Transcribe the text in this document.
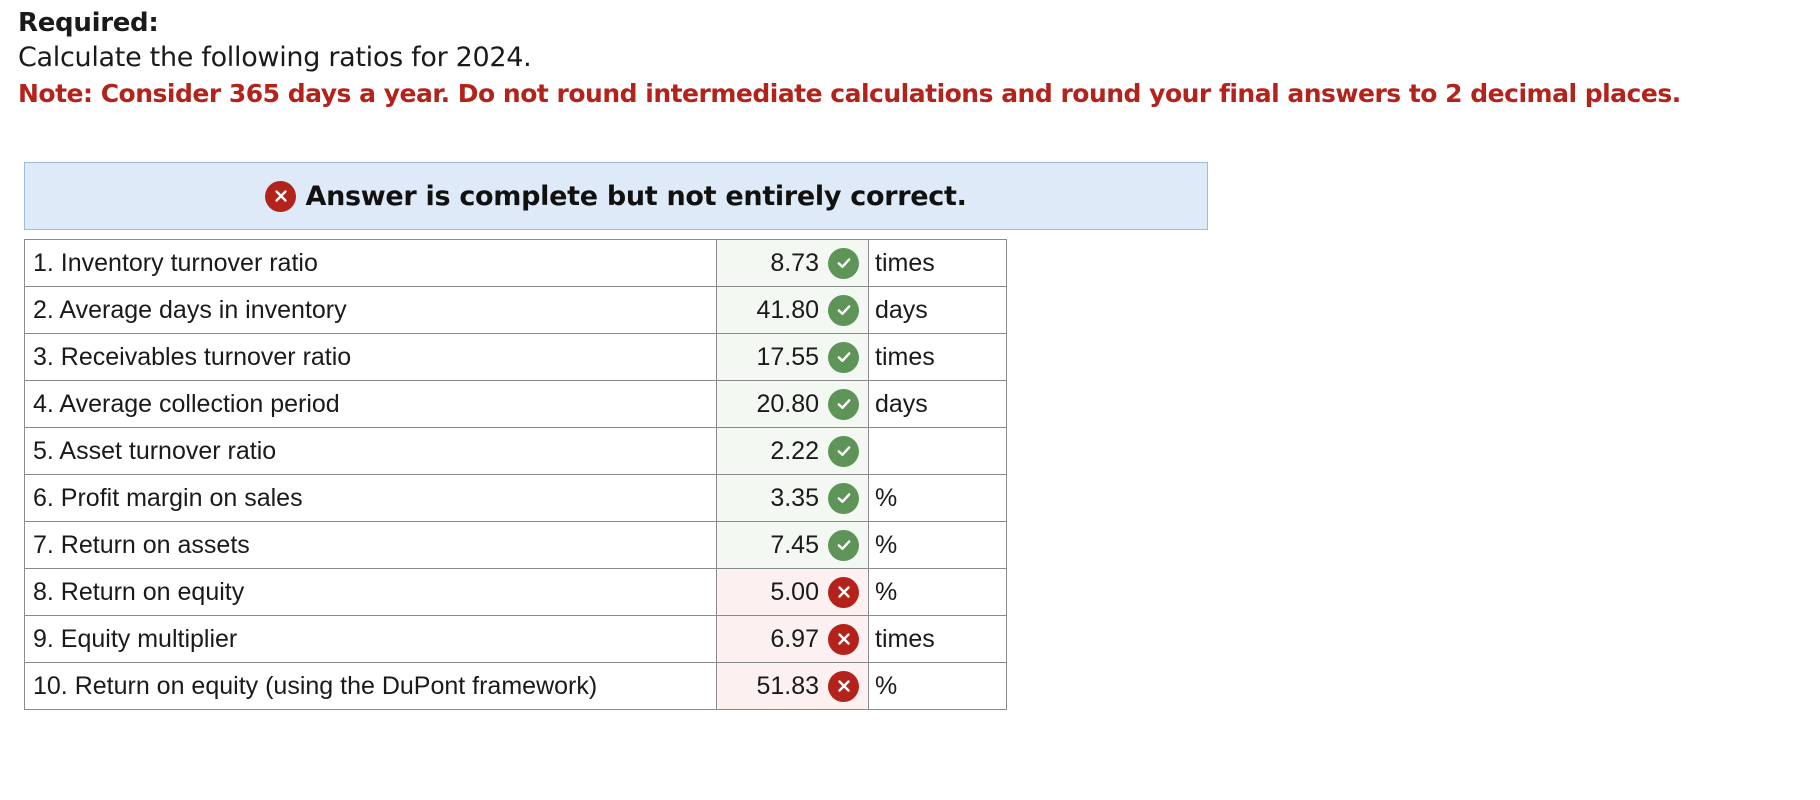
Required:
Calculate the following ratios for 2024.
Note: Consider 365 days a year. Do not round intermediate calculations and round your final answers to 2 decimal places.
Answer is complete but not entirely correct.
1. Inventory turnover ratio	8.73	times
2. Average days in inventory	41.80	days
3. Receivables turnover ratio	17.55	times
4. Average collection period	20.80	days
5. Asset turnover ratio	2.22	

6. Profit margin on sales	3.35	%
7. Return on assets	7.45	%
8. Return on equity	5.00	%
9. Equity multiplier	6.97	times
10. Return on equity (using the DuPont framework)	51.83	%
